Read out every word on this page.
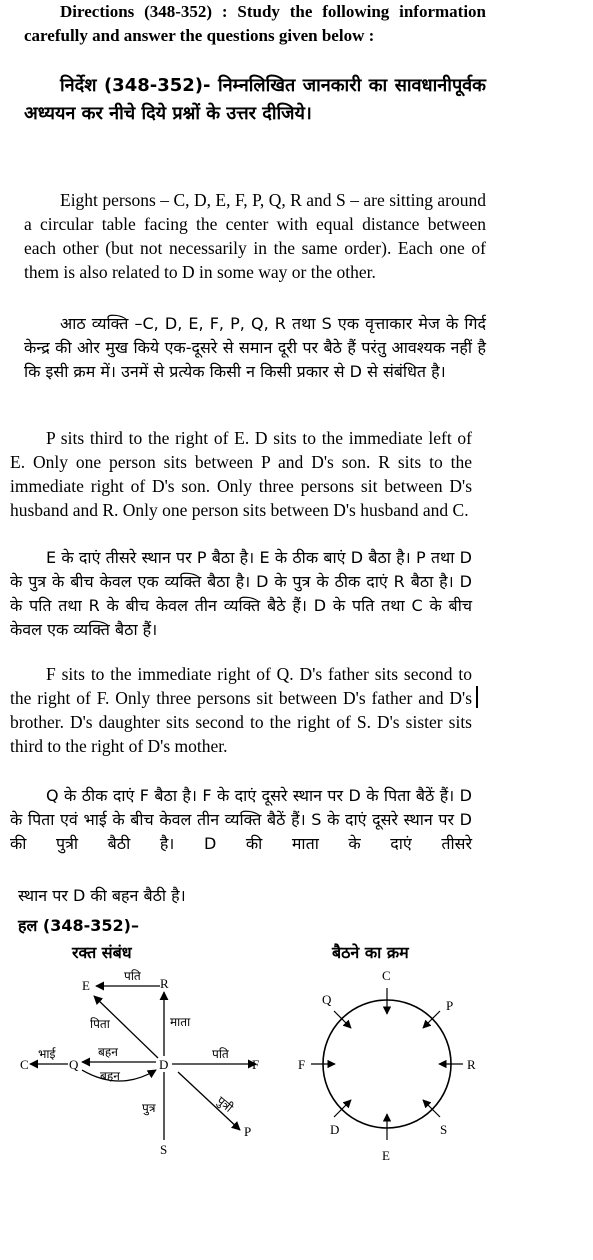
Directions (348-352) : Study the following information carefully and answer the questions given below :

निर्देश (348-352)- निम्नलिखित जानकारी का सावधानीपूर्वक अध्ययन कर नीचे दिये प्रश्नों के उत्तर दीजिये।

Eight persons – C, D, E, F, P, Q, R and S – are sitting around a circular table facing the center with equal distance between each other (but not necessarily in the same order). Each one of them is also related to D in some way or the other.

आठ व्यक्ति –C, D, E, F, P, Q, R तथा S एक वृत्ताकार मेज के गिर्द केन्द्र की ओर मुख किये एक-दूसरे से समान दूरी पर बैठे हैं परंतु आवश्यक नहीं है कि इसी क्रम में। उनमें से प्रत्येक किसी न किसी प्रकार से D से संबंधित है।

P sits third to the right of E. D sits to the immediate left of E. Only one person sits between P and D's son. R sits to the immediate right of D's son. Only three persons sit between D's husband and R. Only one person sits between D's husband and C.

E के दाएं तीसरे स्थान पर P बैठा है। E के ठीक बाएं D बैठा है। P तथा D के पुत्र के बीच केवल एक व्यक्ति बैठा है। D के पुत्र के ठीक दाएं R बैठा है। D के पति तथा R के बीच केवल तीन व्यक्ति बैठे हैं। D के पति तथा C के बीच केवल एक व्यक्ति बैठा हैं।

F sits to the immediate right of Q. D's father sits second to the right of F. Only three persons sit between D's father and D's brother. D's daughter sits second to the right of S. D's sister sits third to the right of D's mother.

Q के ठीक दाएं F बैठा है। F के दाएं दूसरे स्थान पर D के पिता बैठें हैं। D के पिता एवं भाई के बीच केवल तीन व्यक्ति बैठें हैं। S के दाएं दूसरे स्थान पर D की पुत्री बैठी है। D की माता के दाएं तीसरे

स्थान पर D की बहन बैठी है।

हल (348-352)–

रक्त संबंध
पति
पिता	माता
भाई	बहन
बहन
पति
पुत्र	पुत्री
E	R
C	Q	D	F
S
P
बैठने का क्रम
C
P
R
S
E
D
F
Q
